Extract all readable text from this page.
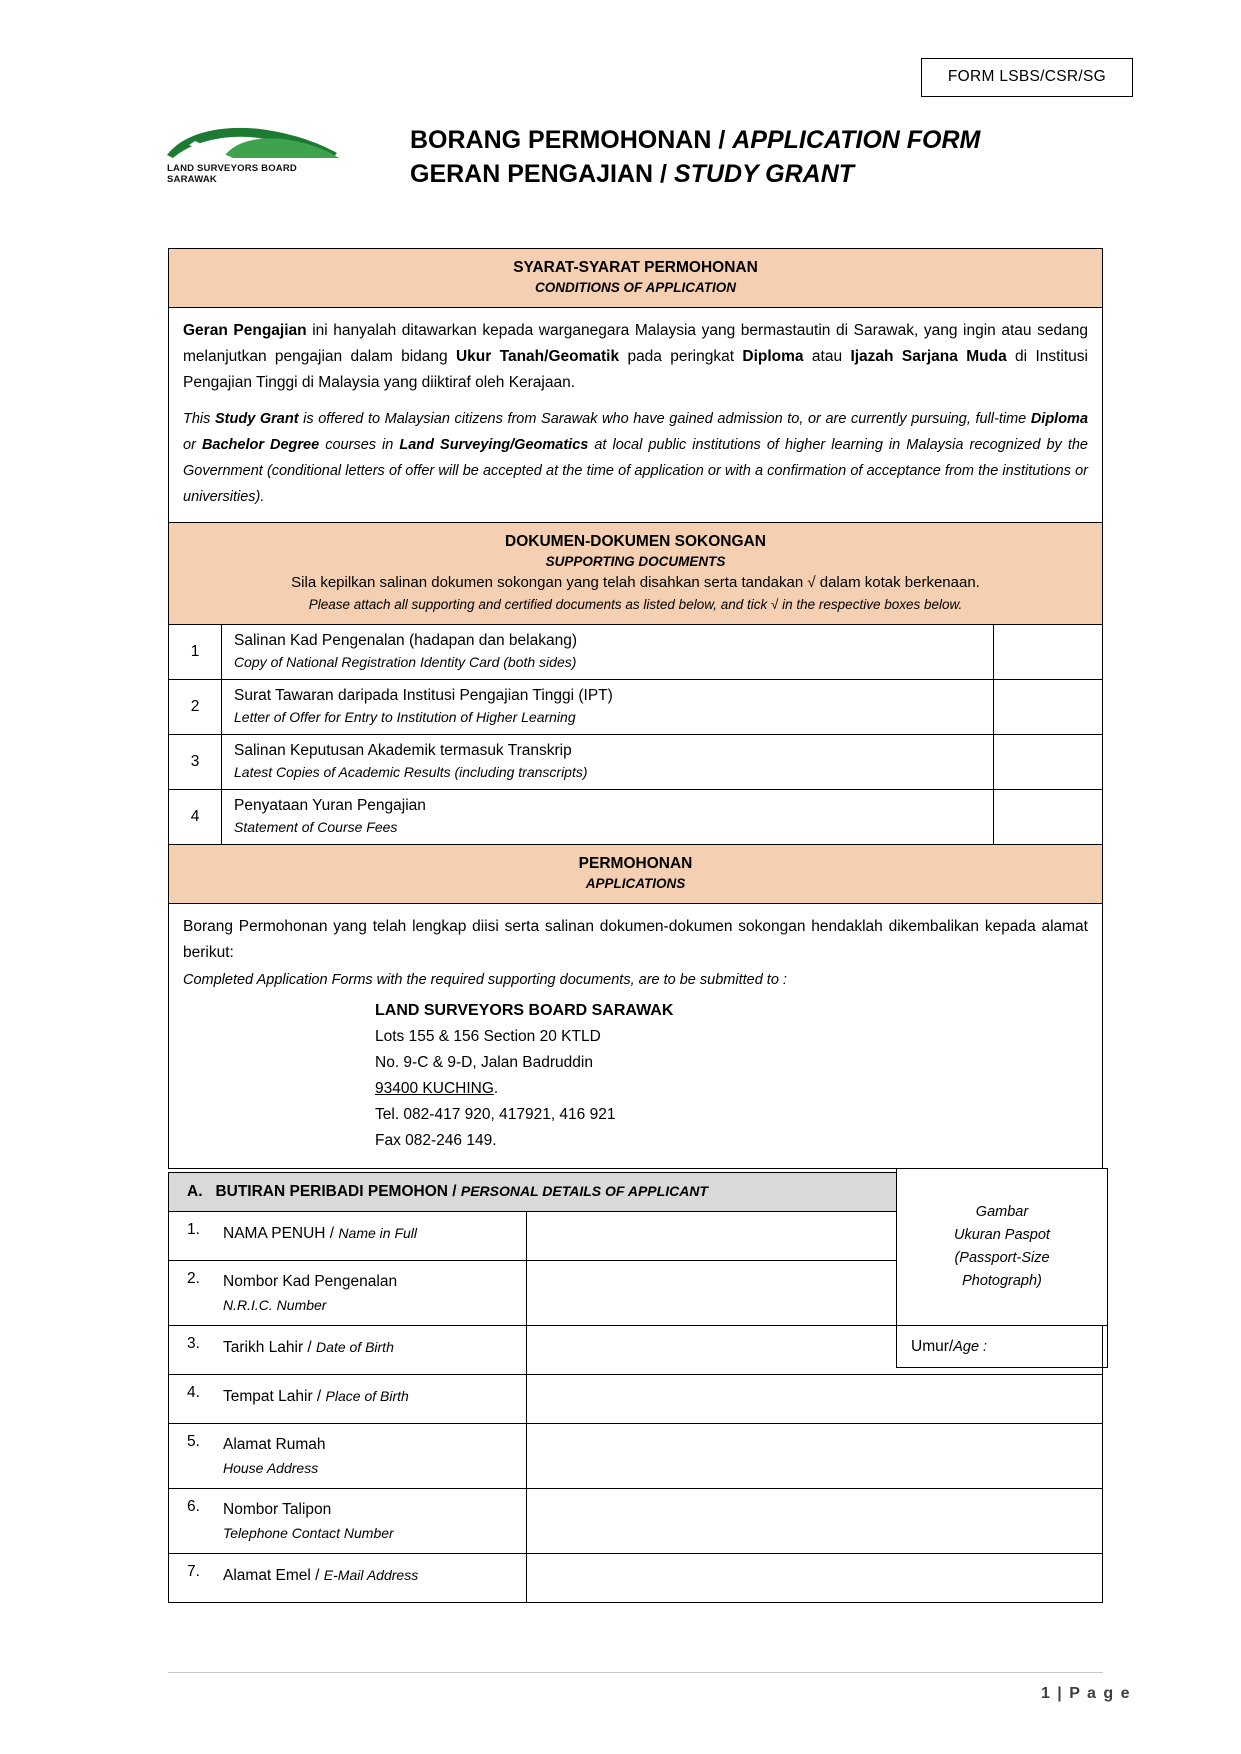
FORM LSBS/CSR/SG
LAND SURVEYORS BOARD SARAWAK
BORANG PERMOHONAN / APPLICATION FORM
GERAN PENGAJIAN / STUDY GRANT
SYARAT-SYARAT PERMOHONAN
CONDITIONS OF APPLICATION

Geran Pengajian ini hanyalah ditawarkan kepada warganegara Malaysia yang bermastautin di Sarawak, yang ingin atau sedang melanjutkan pengajian dalam bidang Ukur Tanah/Geomatik pada peringkat Diploma atau Ijazah Sarjana Muda di Institusi Pengajian Tinggi di Malaysia yang diiktiraf oleh Kerajaan.

This Study Grant is offered to Malaysian citizens from Sarawak who have gained admission to, or are currently pursuing, full-time Diploma or Bachelor Degree courses in Land Surveying/Geomatics at local public institutions of higher learning in Malaysia recognized by the Government (conditional letters of offer will be accepted at the time of application or with a confirmation of acceptance from the institutions or universities).

DOKUMEN-DOKUMEN SOKONGAN
SUPPORTING DOCUMENTS
Sila kepilkan salinan dokumen sokongan yang telah disahkan serta tandakan √ dalam kotak berkenaan.
Please attach all supporting and certified documents as listed below, and tick √ in the respective boxes below.
1
Salinan Kad Pengenalan (hadapan dan belakang)
Copy of National Registration Identity Card (both sides)
2
Surat Tawaran daripada Institusi Pengajian Tinggi (IPT)
Letter of Offer for Entry to Institution of Higher Learning
3
Salinan Keputusan Akademik termasuk Transkrip
Latest Copies of Academic Results (including transcripts)
4
Penyataan Yuran Pengajian
Statement of Course Fees
PERMOHONAN
APPLICATIONS

Borang Permohonan yang telah lengkap diisi serta salinan dokumen-dokumen sokongan hendaklah dikembalikan kepada alamat berikut:

Completed Application Forms with the required supporting documents, are to be submitted to :

LAND SURVEYORS BOARD SARAWAK
Lots 155 & 156 Section 20 KTLD
No. 9-C & 9-D, Jalan Badruddin
93400 KUCHING.
Tel. 082-417 920, 417921, 416 921
Fax 082-246 149.
A. BUTIRAN PERIBADI PEMOHON / PERSONAL DETAILS OF APPLICANT
1.	NAMA PENUH / Name in Full
2.	Nombor Kad Pengenalan
N.R.I.C. Number
3.	Tarikh Lahir / Date of Birth
4.	Tempat Lahir / Place of Birth
5.	Alamat Rumah
House Address
6.	Nombor Talipon
Telephone Contact Number
7.	Alamat Emel / E-Mail Address
Gambar
Ukuran Paspot
(Passport-Size
Photograph)
Umur / Age :
1 | P a g e
